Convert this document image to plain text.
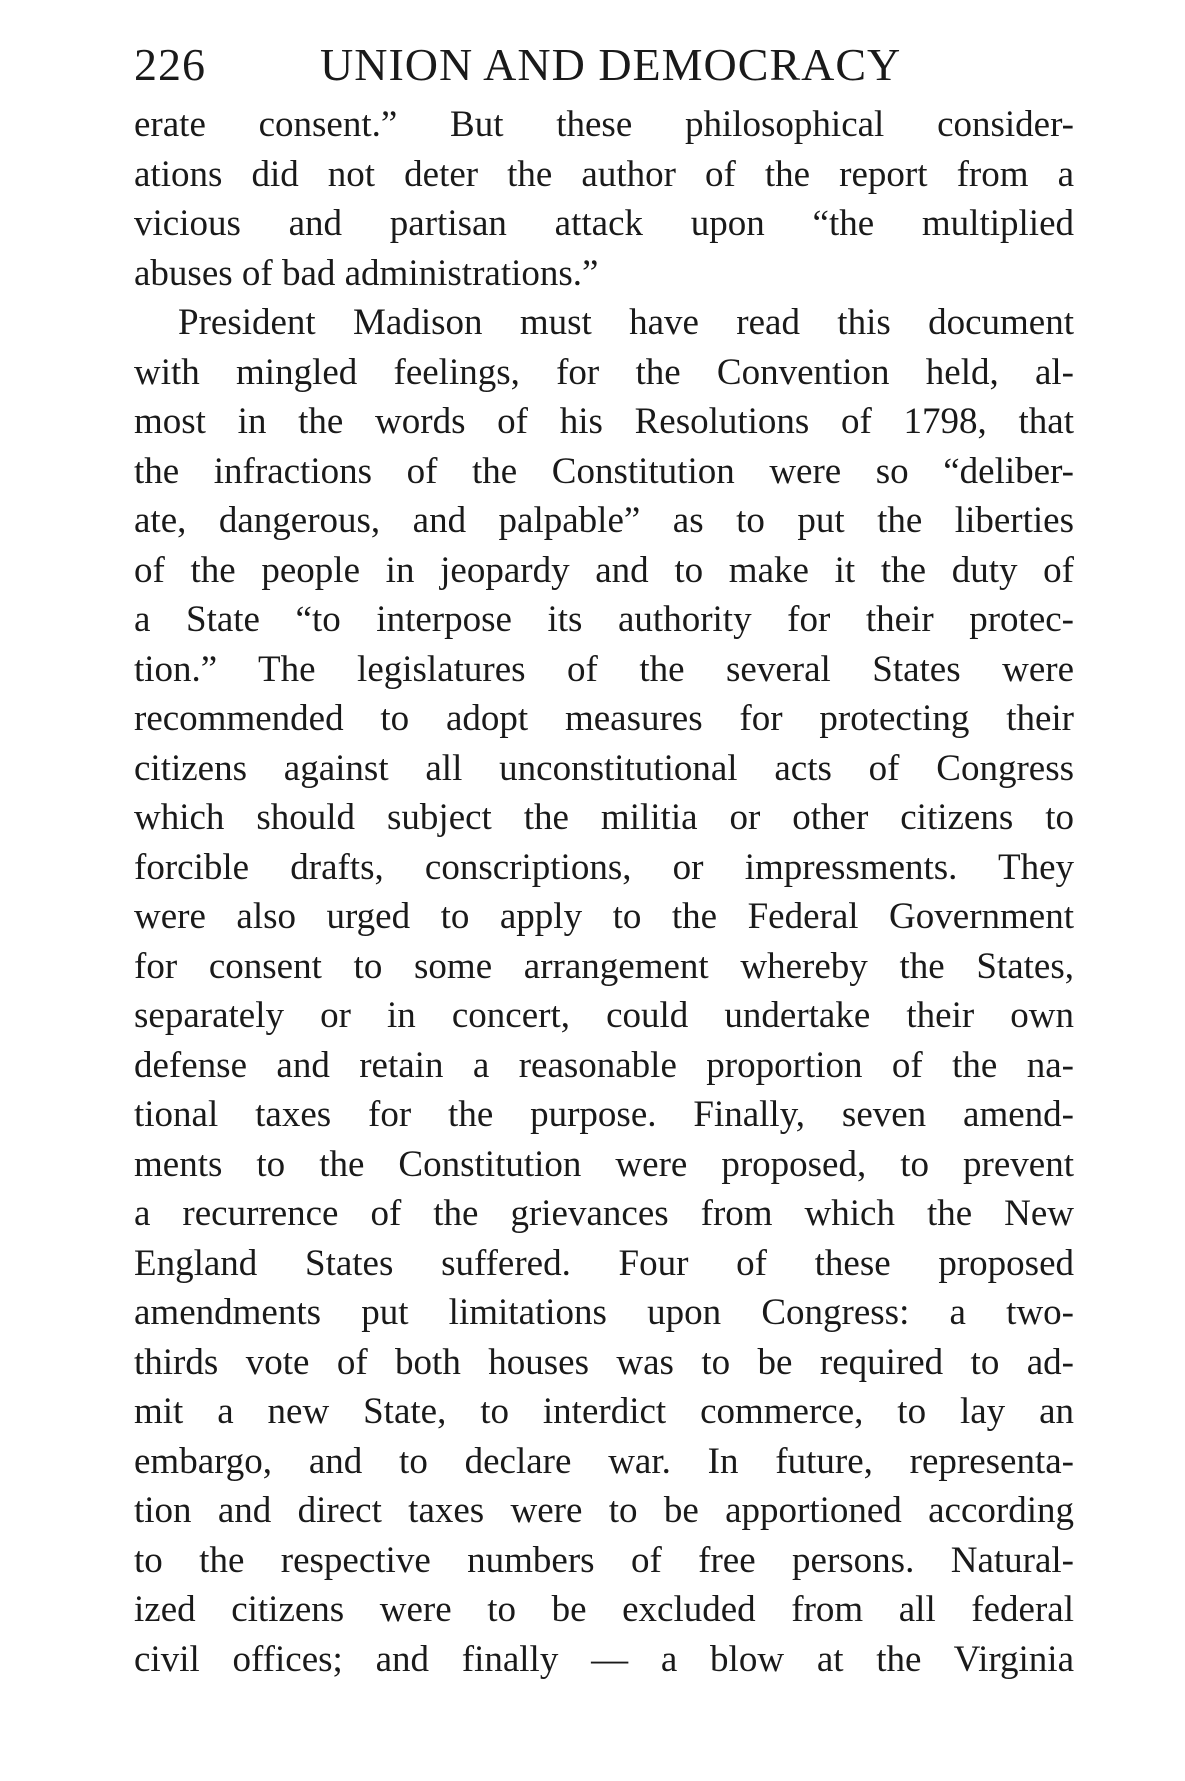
226 UNION AND DEMOCRACY
erate consent.” But these philosophical consider-
ations did not deter the author of the report from a
vicious and partisan attack upon “the multiplied
abuses of bad administrations.”
President Madison must have read this document
with mingled feelings, for the Convention held, al-
most in the words of his Resolutions of 1798, that
the infractions of the Constitution were so “deliber-
ate, dangerous, and palpable” as to put the liberties
of the people in jeopardy and to make it the duty of
a State “to interpose its authority for their protec-
tion.” The legislatures of the several States were
recommended to adopt measures for protecting their
citizens against all unconstitutional acts of Congress
which should subject the militia or other citizens to
forcible drafts, conscriptions, or impressments. They
were also urged to apply to the Federal Government
for consent to some arrangement whereby the States,
separately or in concert, could undertake their own
defense and retain a reasonable proportion of the na-
tional taxes for the purpose. Finally, seven amend-
ments to the Constitution were proposed, to prevent
a recurrence of the grievances from which the New
England States suffered. Four of these proposed
amendments put limitations upon Congress: a two-
thirds vote of both houses was to be required to ad-
mit a new State, to interdict commerce, to lay an
embargo, and to declare war. In future, representa-
tion and direct taxes were to be apportioned according
to the respective numbers of free persons. Natural-
ized citizens were to be excluded from all federal
civil offices; and finally — a blow at the Virginia
